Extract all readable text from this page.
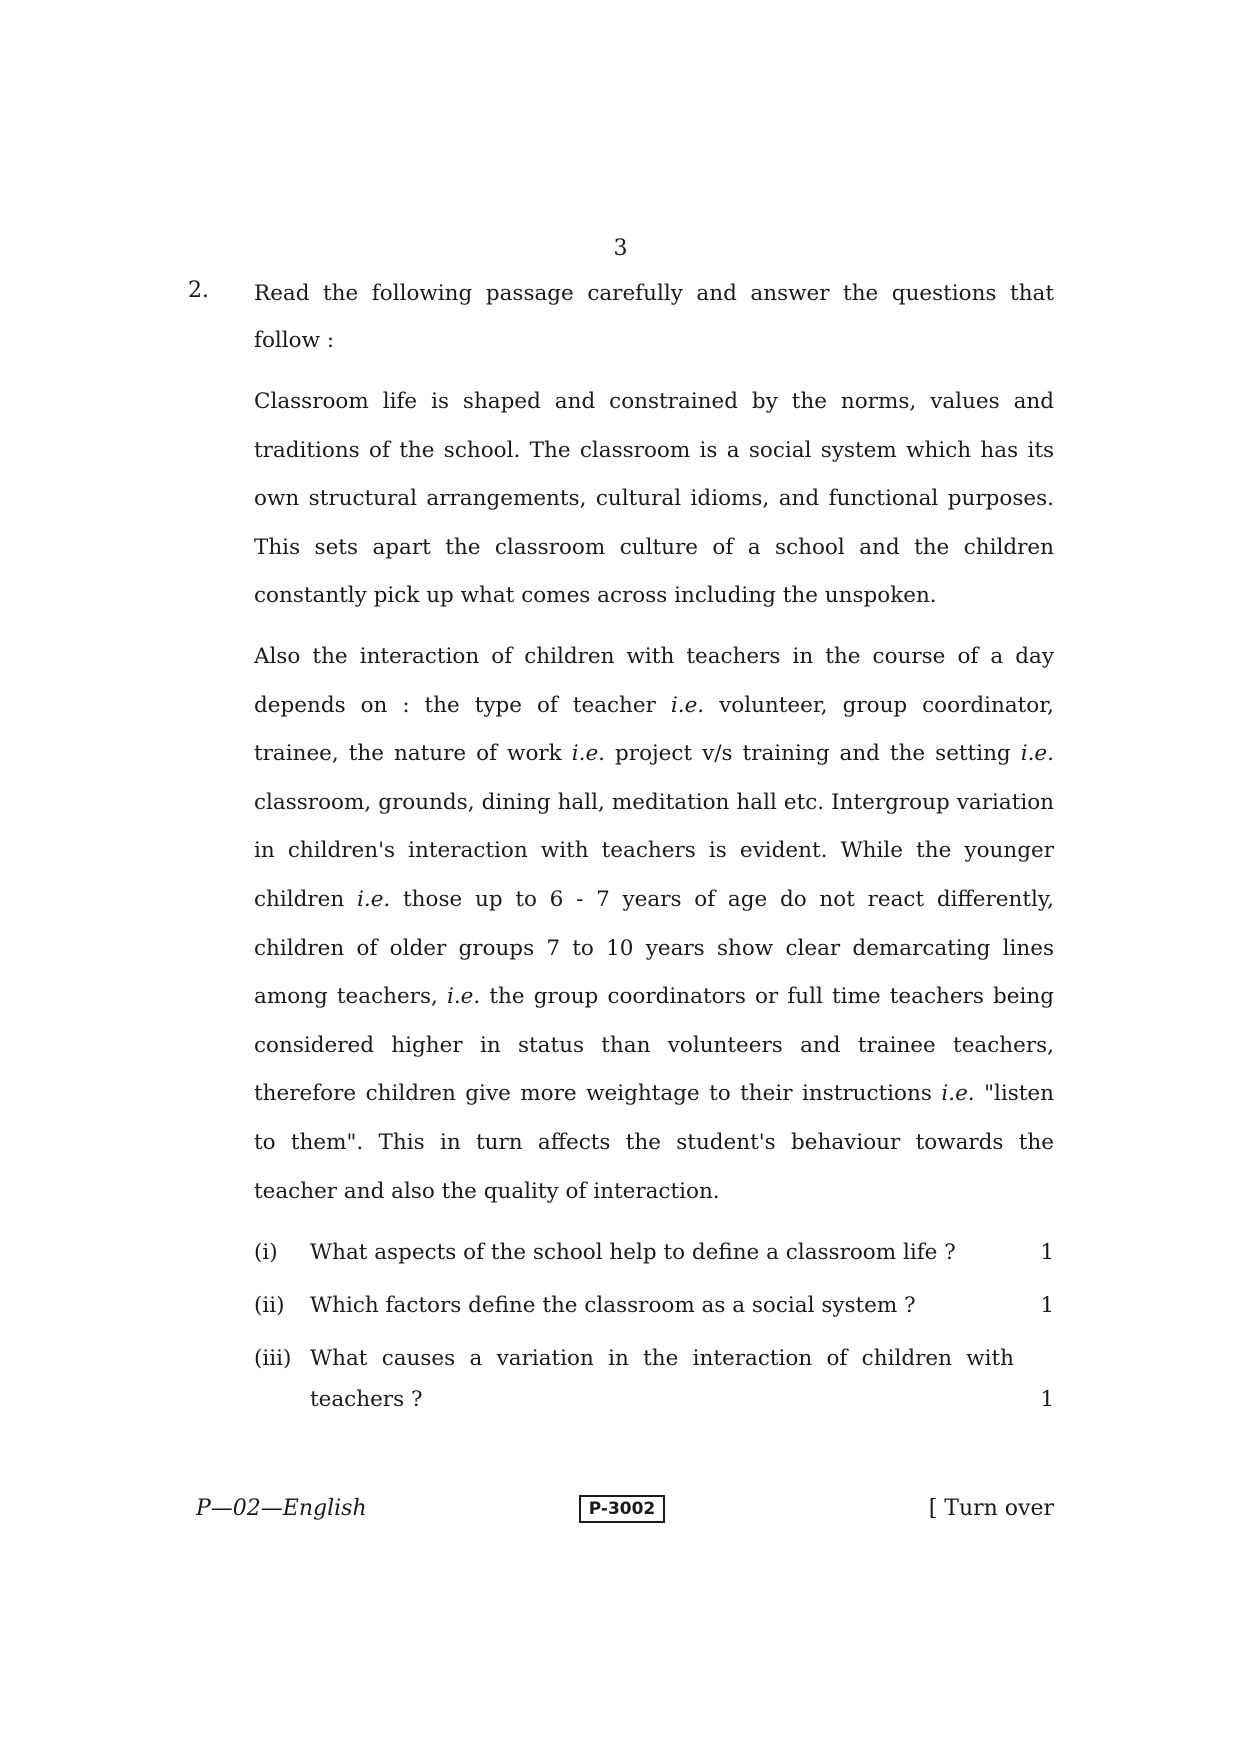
3
2. Read the following passage carefully and answer the questions that follow :

Classroom life is shaped and constrained by the norms, values and traditions of the school. The classroom is a social system which has its own structural arrangements, cultural idioms, and functional purposes. This sets apart the classroom culture of a school and the children constantly pick up what comes across including the unspoken.

Also the interaction of children with teachers in the course of a day depends on : the type of teacher i.e. volunteer, group coordinator, trainee, the nature of work i.e. project v/s training and the setting i.e. classroom, grounds, dining hall, meditation hall etc. Intergroup variation in children's interaction with teachers is evident. While the younger children i.e. those up to 6 - 7 years of age do not react differently, children of older groups 7 to 10 years show clear demarcating lines among teachers, i.e. the group coordinators or full time teachers being considered higher in status than volunteers and trainee teachers, therefore children give more weightage to their instructions i.e. "listen to them". This in turn affects the student's behaviour towards the teacher and also the quality of interaction.

(i)	What aspects of the school help to define a classroom life ?	1
(ii)	Which factors define the classroom as a social system ?	1
(iii) What causes a variation in the interaction of children with teachers ?	1
P—02—English	P-3002	[ Turn over
